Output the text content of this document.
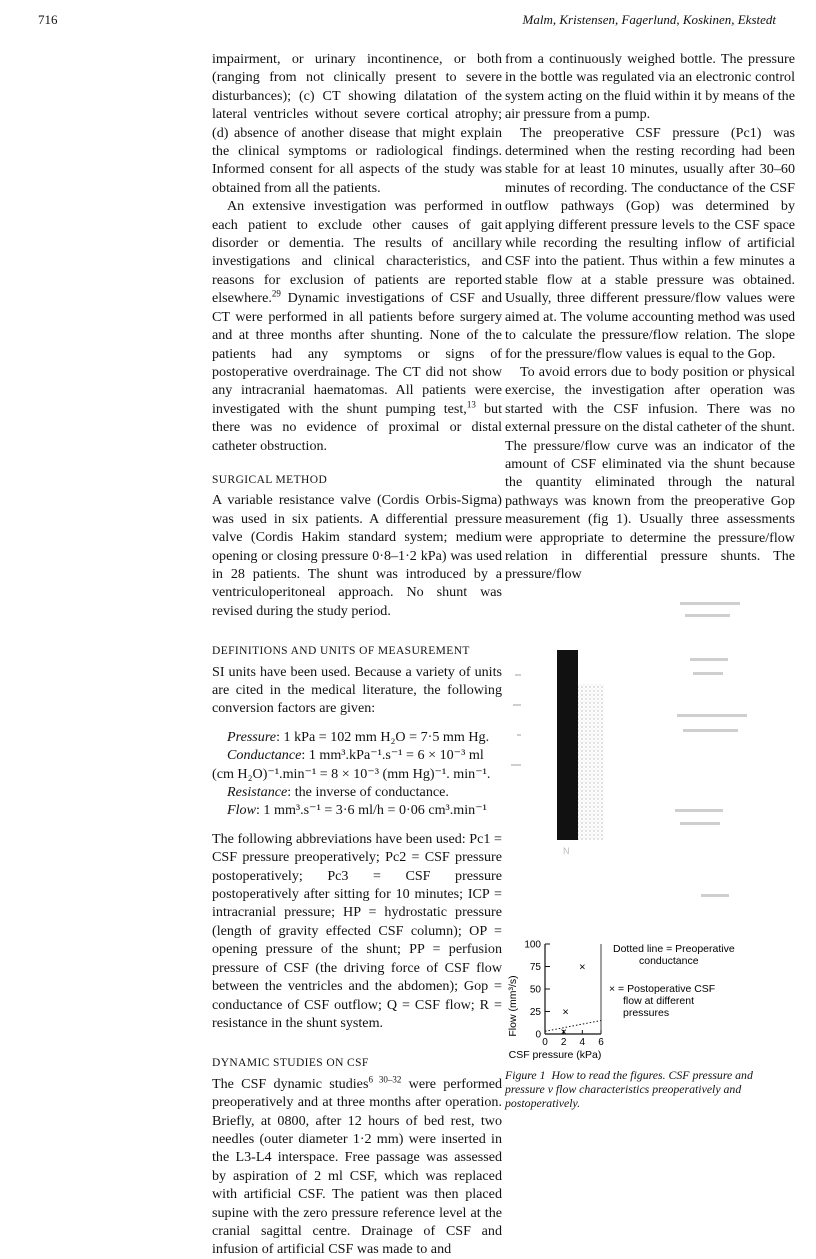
716	Malm, Kristensen, Fagerlund, Koskinen, Ekstedt

impairment, or urinary incontinence, or both (ranging from not clinically present to severe disturbances); (c) CT showing dilatation of the lateral ventricles without severe cortical atrophy; (d) absence of another disease that might explain the clinical symptoms or radiological findings. Informed consent for all aspects of the study was obtained from all the patients.

An extensive investigation was performed in each patient to exclude other causes of gait disorder or dementia. The results of ancillary investigations and clinical characteristics, and reasons for exclusion of patients are reported elsewhere.$^{29}$ Dynamic investigations of CSF and CT were performed in all patients before surgery and at three months after shunting. None of the patients had any symptoms or signs of postoperative overdrainage. The CT did not show any intracranial haematomas. All patients were investigated with the shunt pumping test,$^{13}$ but there was no evidence of proximal or distal catheter obstruction.

SURGICAL METHOD

A variable resistance valve (Cordis Orbis-Sigma) was used in six patients. A differential pressure valve (Cordis Hakim standard system; medium opening or closing pressure 0·8–1·2 kPa) was used in 28 patients. The shunt was introduced by a ventriculoperitoneal approach. No shunt was revised during the study period.

DEFINITIONS AND UNITS OF MEASUREMENT

SI units have been used. Because a variety of units are cited in the medical literature, the following conversion factors are given:

Pressure: 1 kPa = 102 mm H₂O = 7·5 mm Hg.

Conductance: 1 mm³.kPa⁻¹.s⁻¹ = 6 × 10⁻³ ml (cm H₂O)⁻¹.min⁻¹ = 8 × 10⁻³ (mm Hg)⁻¹. min⁻¹.

Resistance: the inverse of conductance.

Flow: 1 mm³.s⁻¹ = 3·6 ml/h = 0·06 cm³.min⁻¹

The following abbreviations have been used: Pc1 = CSF pressure preoperatively; Pc2 = CSF pressure postoperatively; Pc3 = CSF pressure postoperatively after sitting for 10 minutes; ICP = intracranial pressure; HP = hydrostatic pressure (length of gravity effected CSF column); OP = opening pressure of the shunt; PP = perfusion pressure of CSF (the driving force of CSF flow between the ventricles and the abdomen); Gop = conductance of CSF outflow; Q = CSF flow; R = resistance in the shunt system.

DYNAMIC STUDIES ON CSF

The CSF dynamic studies$^{6 30-32}$ were performed preoperatively and at three months after operation. Briefly, at 0800, after 12 hours of bed rest, two needles (outer diameter 1·2 mm) were inserted in the L3-L4 interspace. Free passage was assessed by aspiration of 2 ml CSF, which was replaced with artificial CSF. The patient was then placed supine with the zero pressure reference level at the cranial sagittal centre. Drainage of CSF and infusion of artificial CSF was made to and

from a continuously weighed bottle. The pressure in the bottle was regulated via an electronic control system acting on the fluid within it by means of the air pressure from a pump.

The preoperative CSF pressure (Pc1) was determined when the resting recording had been stable for at least 10 minutes, usually after 30–60 minutes of recording. The conductance of the CSF outflow pathways (Gop) was determined by applying different pressure levels to the CSF space while recording the resulting inflow of artificial CSF into the patient. Thus within a few minutes a stable flow at a stable pressure was obtained. Usually, three different pressure/flow values were aimed at. The volume accounting method was used to calculate the pressure/flow relation. The slope for the pressure/flow values is equal to the Gop.

To avoid errors due to body position or physical exercise, the investigation after operation was started with the CSF infusion. There was no external pressure on the distal catheter of the shunt. The pressure/flow curve was an indicator of the amount of CSF eliminated via the shunt because the quantity eliminated through the natural pathways was known from the preoperative Gop measurement (fig 1). Usually three assessments were appropriate to determine the pressure/flow relation in differential pressure shunts. The pressure/flow

N
Flow (mm³/s)
CSF pressure (kPa)
Dotted line = Preoperative
conductance
× = Postoperative CSF
flow at different
pressures
0
25
50
75
100
0 2 4 6
×
×
×
Figure 1 How to read the figures. CSF pressure and pressure v flow characteristics preoperatively and postoperatively.
